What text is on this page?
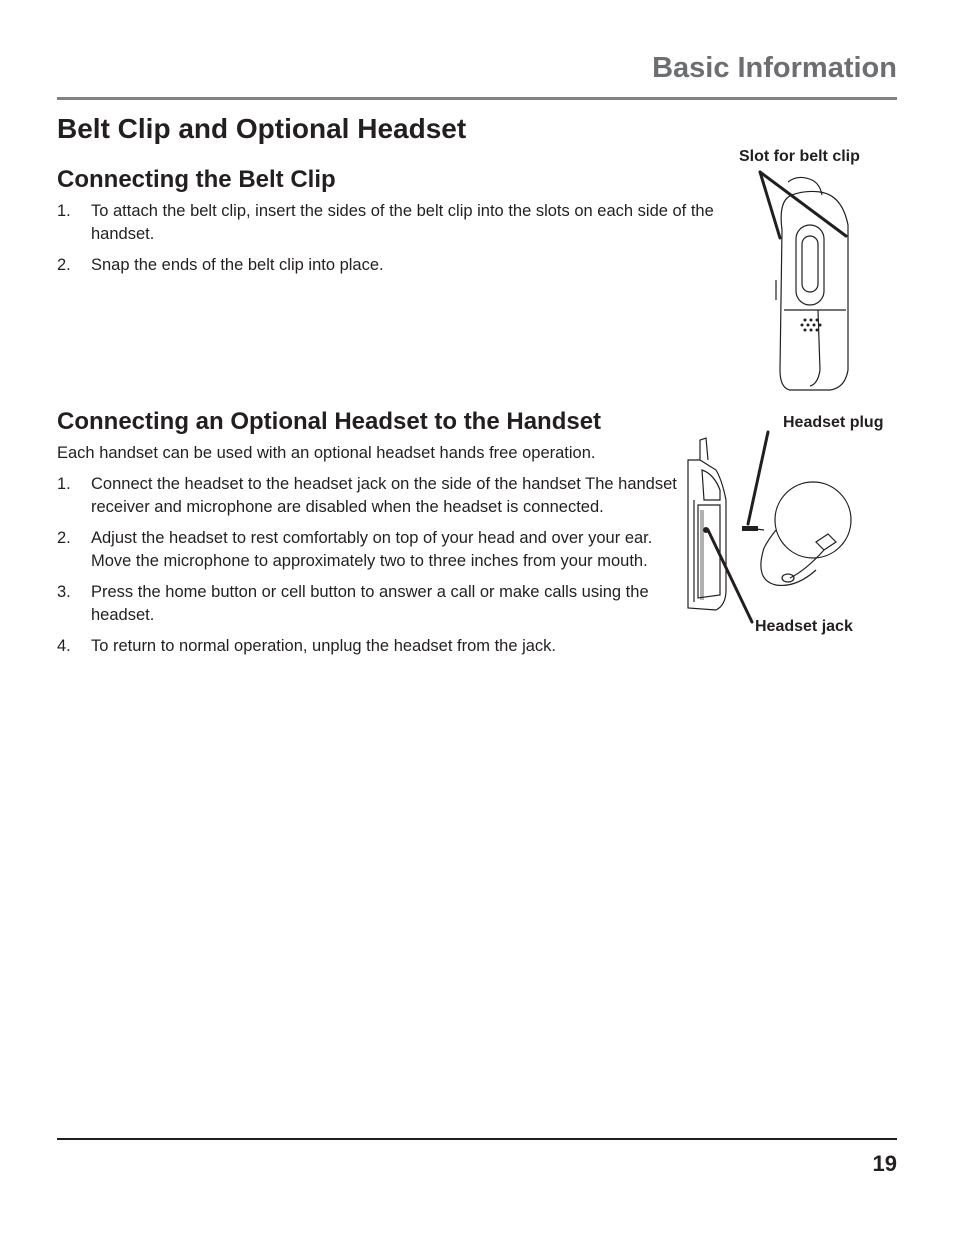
Basic Information
Belt Clip and Optional Headset
Connecting the Belt Clip
1. To attach the belt clip, insert the sides of the belt clip into the slots on each side of the handset.
2. Snap the ends of the belt clip into place.
Slot for belt clip
Connecting an Optional Headset to the Handset

Each handset can be used with an optional headset hands free operation.

1. Connect the headset to the headset jack on the side of the handset The handset receiver and microphone are disabled when the headset is connected.
2. Adjust the headset to rest comfortably on top of your head and over your ear. Move the microphone to approximately two to three inches from your mouth.
3. Press the home button or cell button to answer a call or make calls using the headset.
4. To return to normal operation, unplug the headset from the jack.
Headset plug
Headset jack
19
